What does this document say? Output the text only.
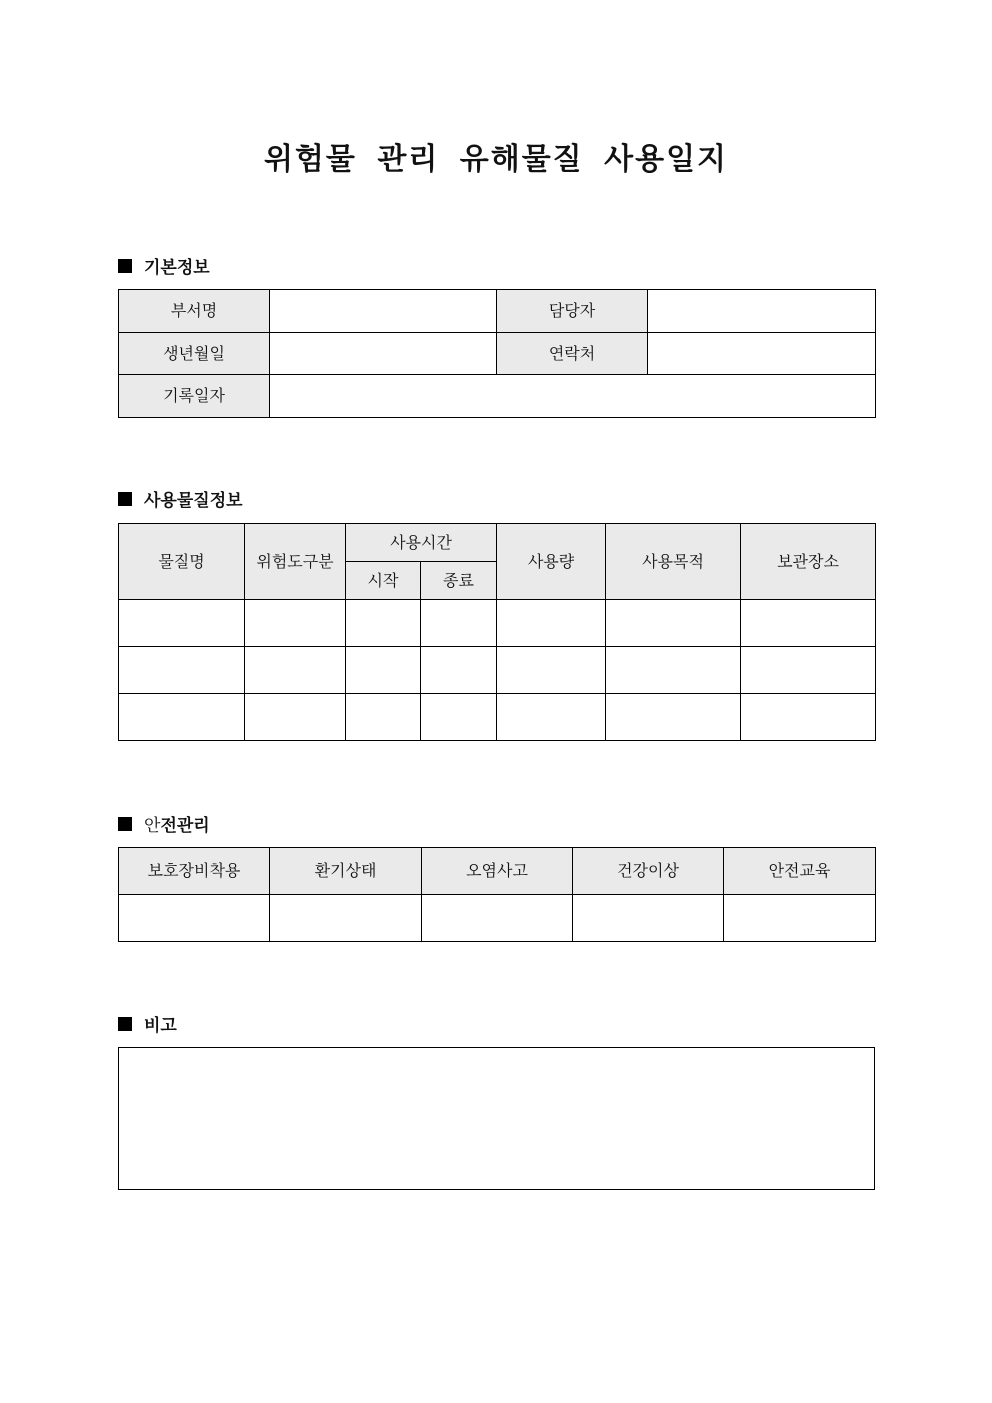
위험물 관리 유해물질 사용일지
기본정보
부서명		담당자	
생년월일		연락처	
기록일자			
사용물질정보
물질명	위험도구분	사용시간		사용량	사용목적	보관장소
		시작	종료			

안 전관리
보호장비착용	환기상태	오염사고	건강이상	안전교육

비고
